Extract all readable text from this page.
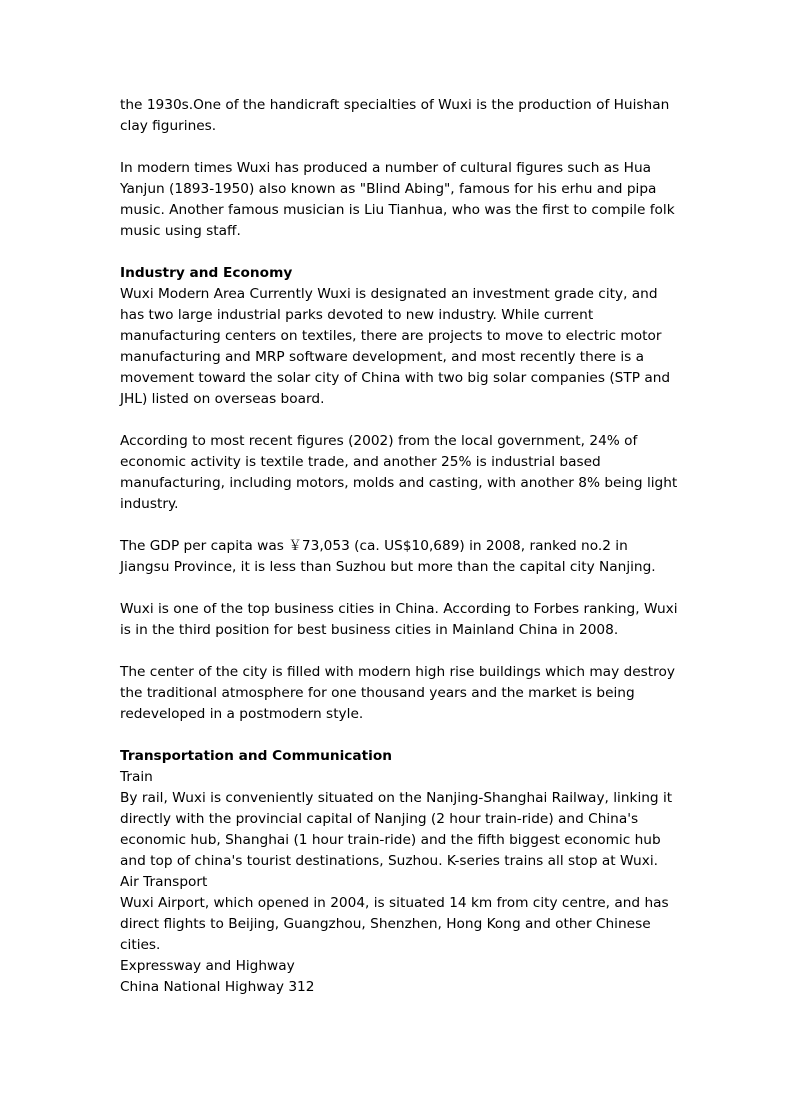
the 1930s.One of the handicraft specialties of Wuxi is the production of Huishan
clay figurines.
In modern times Wuxi has produced a number of cultural figures such as Hua
Yanjun (1893-1950) also known as "Blind Abing", famous for his erhu and pipa
music. Another famous musician is Liu Tianhua, who was the first to compile folk
music using staff.
Industry and Economy
Wuxi Modern Area Currently Wuxi is designated an investment grade city, and
has two large industrial parks devoted to new industry. While current
manufacturing centers on textiles, there are projects to move to electric motor
manufacturing and MRP software development, and most recently there is a
movement toward the solar city of China with two big solar companies (STP and
JHL) listed on overseas board.
According to most recent figures (2002) from the local government, 24% of
economic activity is textile trade, and another 25% is industrial based
manufacturing, including motors, molds and casting, with another 8% being light
industry.
The GDP per capita was ￥73,053 (ca. US$10,689) in 2008, ranked no.2 in
Jiangsu Province, it is less than Suzhou but more than the capital city Nanjing.
Wuxi is one of the top business cities in China. According to Forbes ranking, Wuxi
is in the third position for best business cities in Mainland China in 2008.
The center of the city is filled with modern high rise buildings which may destroy
the traditional atmosphere for one thousand years and the market is being
redeveloped in a postmodern style.
Transportation and Communication
Train
By rail, Wuxi is conveniently situated on the Nanjing-Shanghai Railway, linking it
directly with the provincial capital of Nanjing (2 hour train-ride) and China's
economic hub, Shanghai (1 hour train-ride) and the fifth biggest economic hub
and top of china's tourist destinations, Suzhou. K-series trains all stop at Wuxi.
Air Transport
Wuxi Airport, which opened in 2004, is situated 14 km from city centre, and has
direct flights to Beijing, Guangzhou, Shenzhen, Hong Kong and other Chinese
cities.
Expressway and Highway
China National Highway 312
